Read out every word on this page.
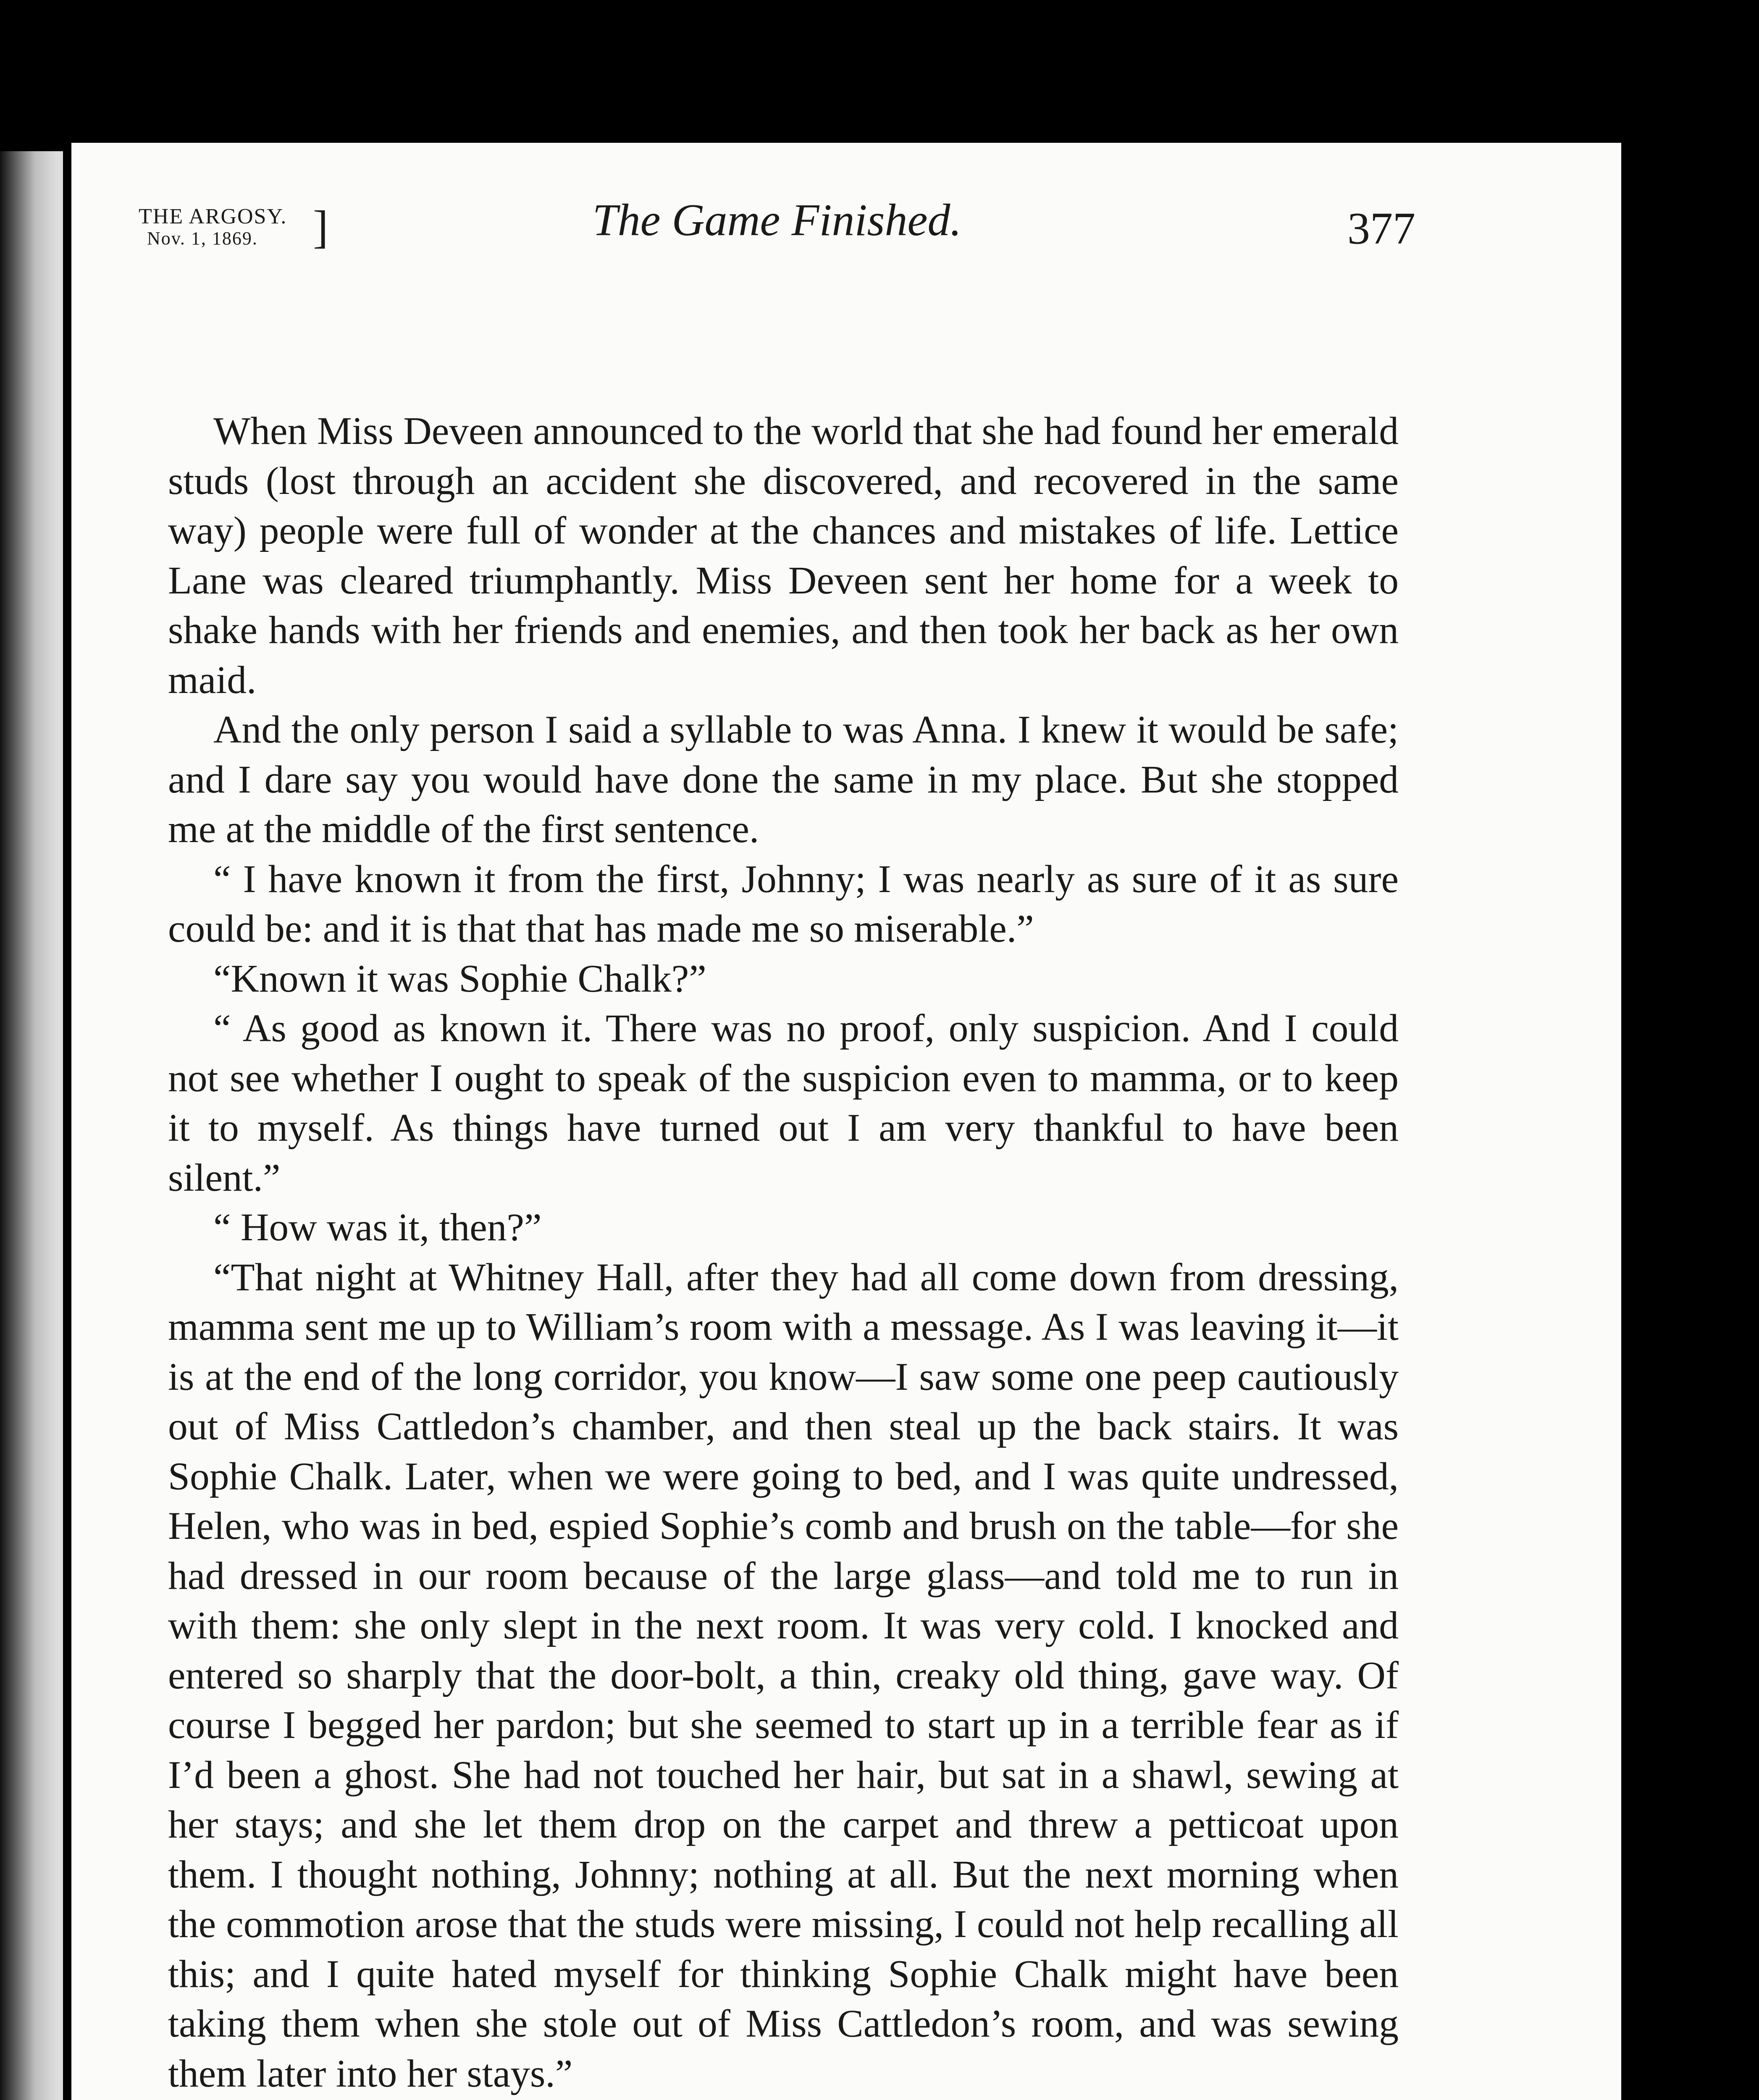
THE ARGOSY.
Nov. 1, 1869.	]	The Game Finished.	377

When Miss Deveen announced to the world that she had found her emerald studs (lost through an accident she discovered, and recovered in the same way) people were full of wonder at the chances and mistakes of life. Lettice Lane was cleared triumphantly. Miss Deveen sent her home for a week to shake hands with her friends and enemies, and then took her back as her own maid.

And the only person I said a syllable to was Anna. I knew it would be safe; and I dare say you would have done the same in my place. But she stopped me at the middle of the first sentence.

“ I have known it from the first, Johnny; I was nearly as sure of it as sure could be: and it is that that has made me so miserable.”

“Known it was Sophie Chalk?”

“ As good as known it. There was no proof, only suspicion. And I could not see whether I ought to speak of the suspicion even to mamma, or to keep it to myself. As things have turned out I am very thankful to have been silent.”

“ How was it, then?”

“That night at Whitney Hall, after they had all come down from dressing, mamma sent me up to William’s room with a message. As I was leaving it—it is at the end of the long corridor, you know—I saw some one peep cautiously out of Miss Cattledon’s chamber, and then steal up the back stairs. It was Sophie Chalk. Later, when we were going to bed, and I was quite undressed, Helen, who was in bed, espied Sophie’s comb and brush on the table—for she had dressed in our room because of the large glass—and told me to run in with them: she only slept in the next room. It was very cold. I knocked and entered so sharply that the door-bolt, a thin, creaky old thing, gave way. Of course I begged her pardon; but she seemed to start up in a terrible fear as if I’d been a ghost. She had not touched her hair, but sat in a shawl, sewing at her stays; and she let them drop on the carpet and threw a petticoat upon them. I thought nothing, Johnny; nothing at all. But the next morning when the commotion arose that the studs were missing, I could not help recalling all this; and I quite hated myself for thinking Sophie Chalk might have been taking them when she stole out of Miss Cattledon’s room, and was sewing them later into her stays.”
